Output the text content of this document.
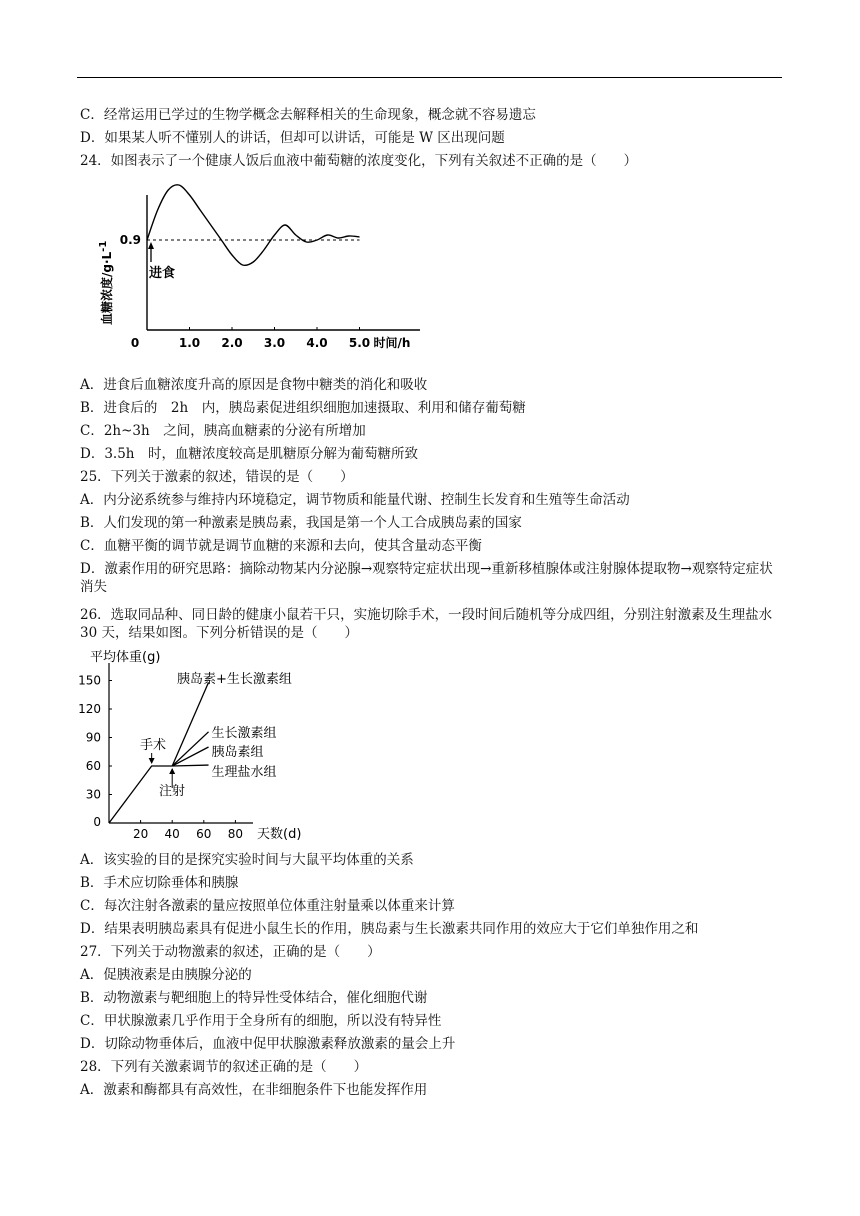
C．经常运用已学过的生物学概念去解释相关的生命现象，概念就不容易遗忘
D．如果某人听不懂别人的讲话，但却可以讲话，可能是 W 区出现问题
24．如图表示了一个健康人饭后血液中葡萄糖的浓度变化，下列有关叙述不正确的是（　　）
0	1.0 2.0 3.0 4.0 5.0 时间/h
0.9
血糖浓度$/g\cdot L^{-1}$
进食
A．进食后血糖浓度升高的原因是食物中糖类的消化和吸收
B．进食后的　2h　内，胰岛素促进组织细胞加速摄取、利用和储存葡萄糖
C．2h~3h　之间，胰高血糖素的分泌有所增加
D．3.5h　时，血糖浓度较高是肌糖原分解为葡萄糖所致
25．下列关于激素的叙述，错误的是（　　）
A．内分泌系统参与维持内环境稳定，调节物质和能量代谢、控制生长发育和生殖等生命活动
B．人们发现的第一种激素是胰岛素，我国是第一个人工合成胰岛素的国家
C．血糖平衡的调节就是调节血糖的来源和去向，使其含量动态平衡
D．激素作用的研究思路：摘除动物某内分泌腺→观察特定症状出现→重新移植腺体或注射腺体提取物→观察特定症状消失
26．选取同品种、同日龄的健康小鼠若干只，实施切除手术，一段时间后随机等分成四组，分别注射激素及生理盐水 30 天，结果如图。下列分析错误的是（　　）
平均体重(g)
天数(d)
0
30
60
90
120
150
20 40 60 80
胰岛素+生长激素组
生长激素组
胰岛素组
生理盐水组
手术
注射
A．该实验的目的是探究实验时间与大鼠平均体重的关系
B．手术应切除垂体和胰腺
C．每次注射各激素的量应按照单位体重注射量乘以体重来计算
D．结果表明胰岛素具有促进小鼠生长的作用，胰岛素与生长激素共同作用的效应大于它们单独作用之和
27．下列关于动物激素的叙述，正确的是（　　）
A．促胰液素是由胰腺分泌的
B．动物激素与靶细胞上的特异性受体结合，催化细胞代谢
C．甲状腺激素几乎作用于全身所有的细胞，所以没有特异性
D．切除动物垂体后，血液中促甲状腺激素释放激素的量会上升
28．下列有关激素调节的叙述正确的是（　　）
A．激素和酶都具有高效性，在非细胞条件下也能发挥作用
